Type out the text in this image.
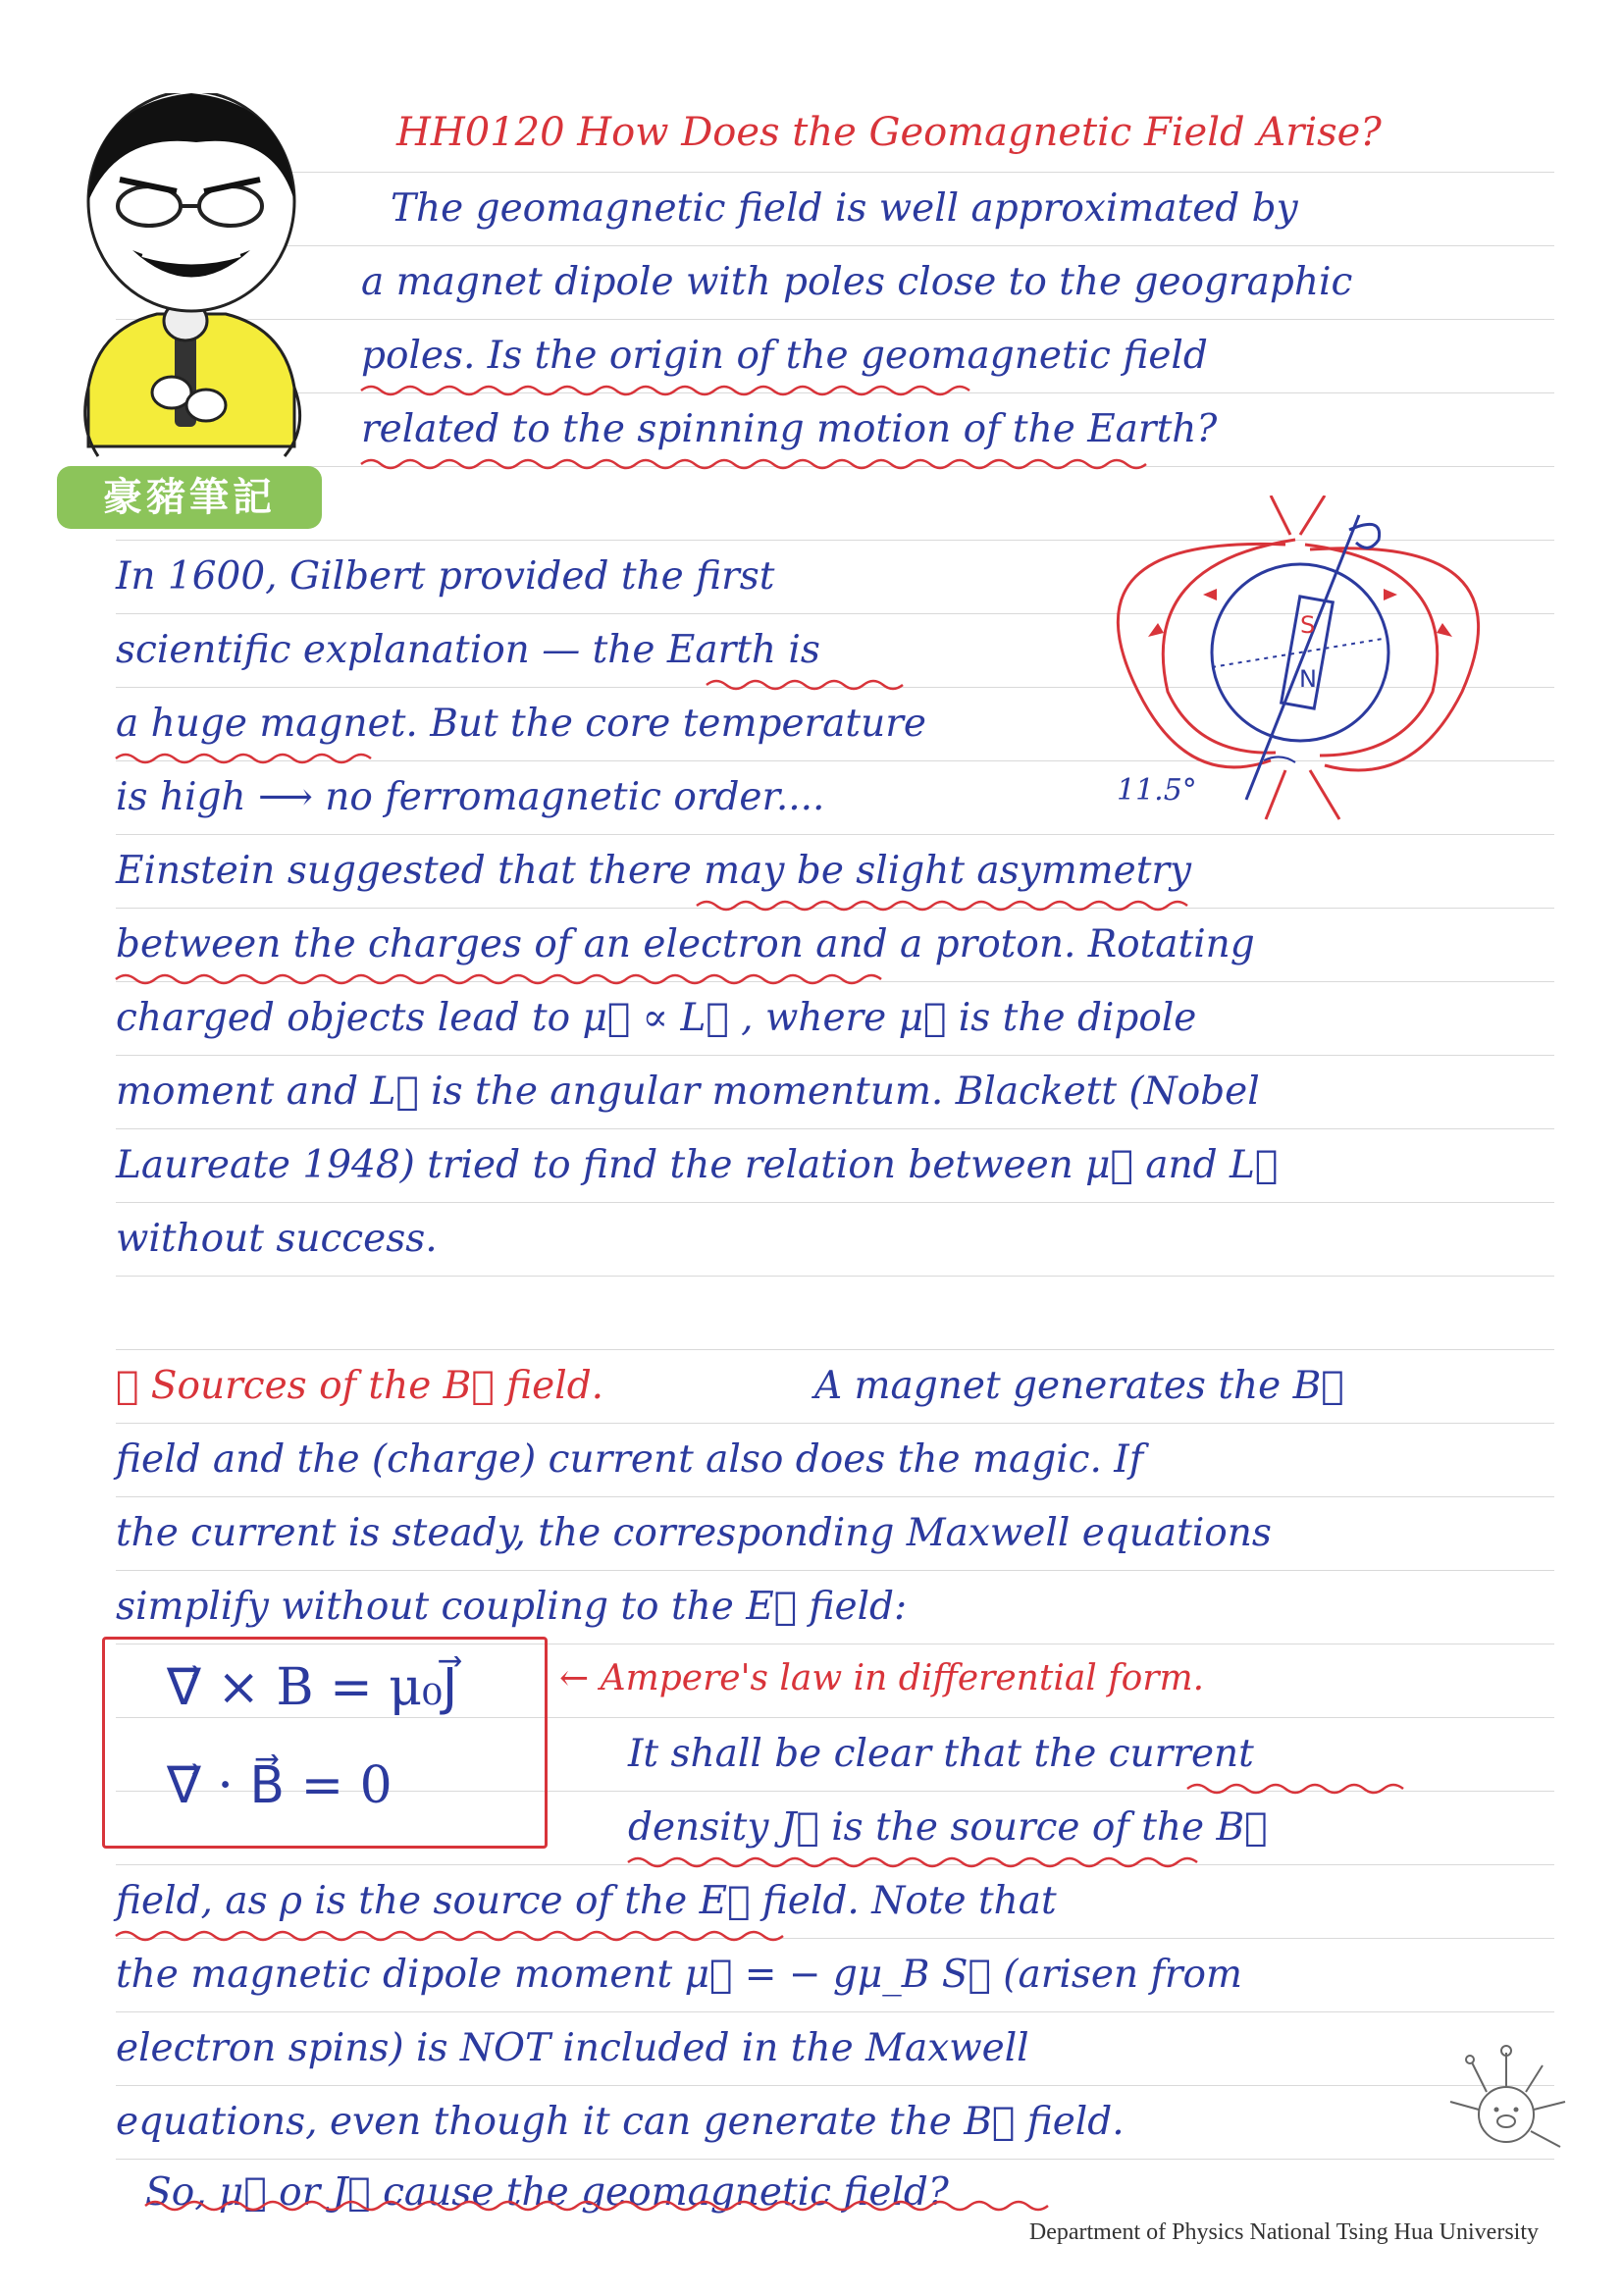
豪豬筆記
HH0120 How Does the Geomagnetic Field Arise?
The geomagnetic field is well approximated by
a magnet dipole with poles close to the geographic
poles. Is the origin of the geomagnetic field
related to the spinning motion of the Earth?
In 1600, Gilbert provided the first
scientific explanation — the Earth is
a huge magnet. But the core temperature
is high ⟶ no ferromagnetic order....
S
N
11.5°
Einstein suggested that there may be slight asymmetry
between the charges of an electron and a proton. Rotating
charged objects lead to μ⃗ ∝ L⃗ , where μ⃗ is the dipole
moment and L⃗ is the angular momentum. Blackett (Nobel
Laureate 1948) tried to find the relation between μ⃗ and L⃗
without success.
① Sources of the B⃗ field.	A magnet generates the B⃗
field and the (charge) current also does the magic. If
the current is steady, the corresponding Maxwell equations
simplify without coupling to the E⃗ field:
∇⃗ × B = μ₀J⃗
∇⃗ · B⃗ = 0
← Ampere's law in differential form.
It shall be clear that the current
density J⃗ is the source of the B⃗
field, as ρ is the source of the E⃗ field. Note that
the magnetic dipole moment μ⃗ = − gμ_B S⃗ (arisen from
electron spins) is NOT included in the Maxwell
equations, even though it can generate the B⃗ field.
So, μ⃗ or J⃗ cause the geomagnetic field?
Department of Physics National Tsing Hua University
